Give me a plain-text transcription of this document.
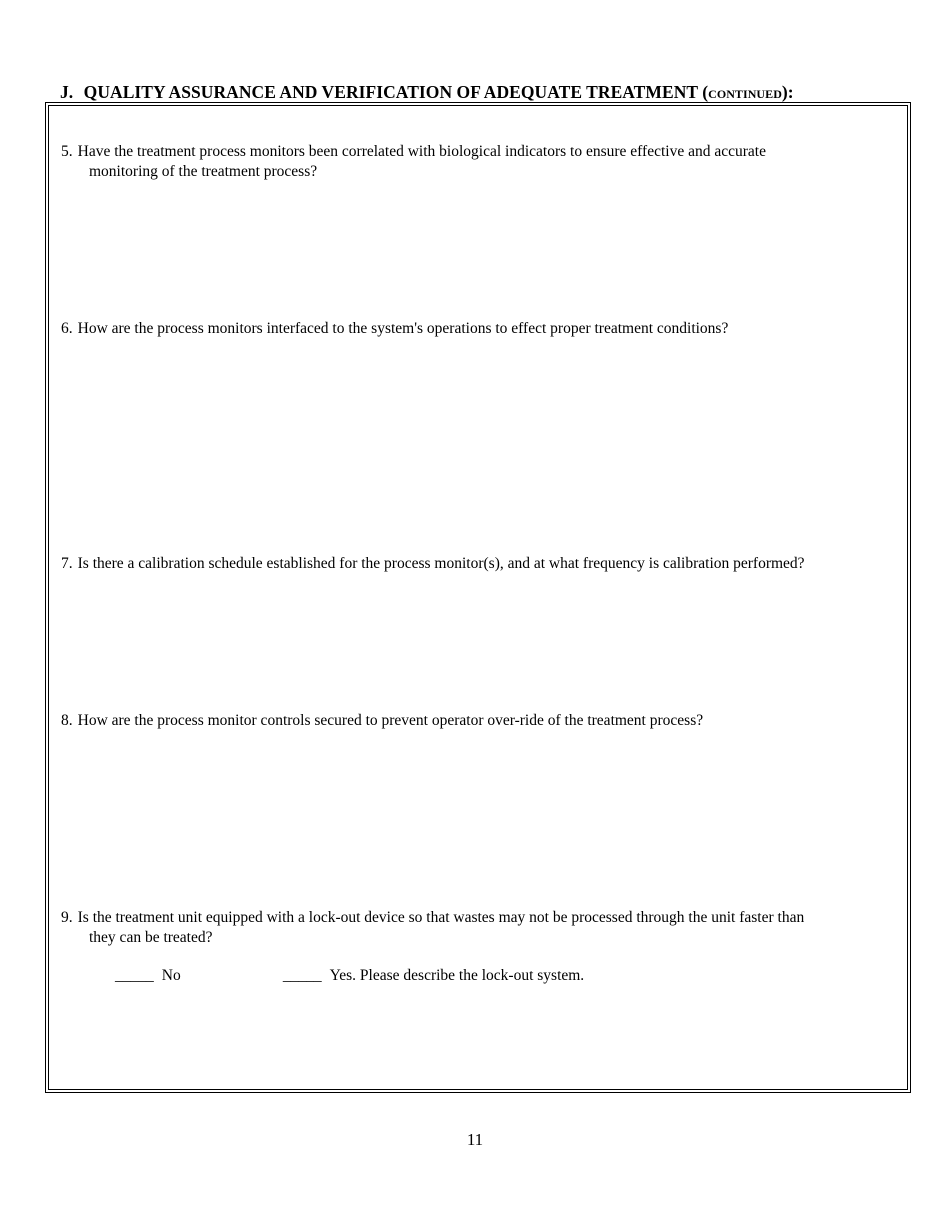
J. QUALITY ASSURANCE AND VERIFICATION OF ADEQUATE TREATMENT (continued):
5. Have the treatment process monitors been correlated with biological indicators to ensure effective and accurate
monitoring of the treatment process?
6. How are the process monitors interfaced to the system's operations to effect proper treatment conditions?
7. Is there a calibration schedule established for the process monitor(s), and at what frequency is calibration performed?
8. How are the process monitor controls secured to prevent operator over-ride of the treatment process?
9. Is the treatment unit equipped with a lock-out device so that wastes may not be processed through the unit faster than
they can be treated?
_____ No	_____ Yes. Please describe the lock-out system.
11
